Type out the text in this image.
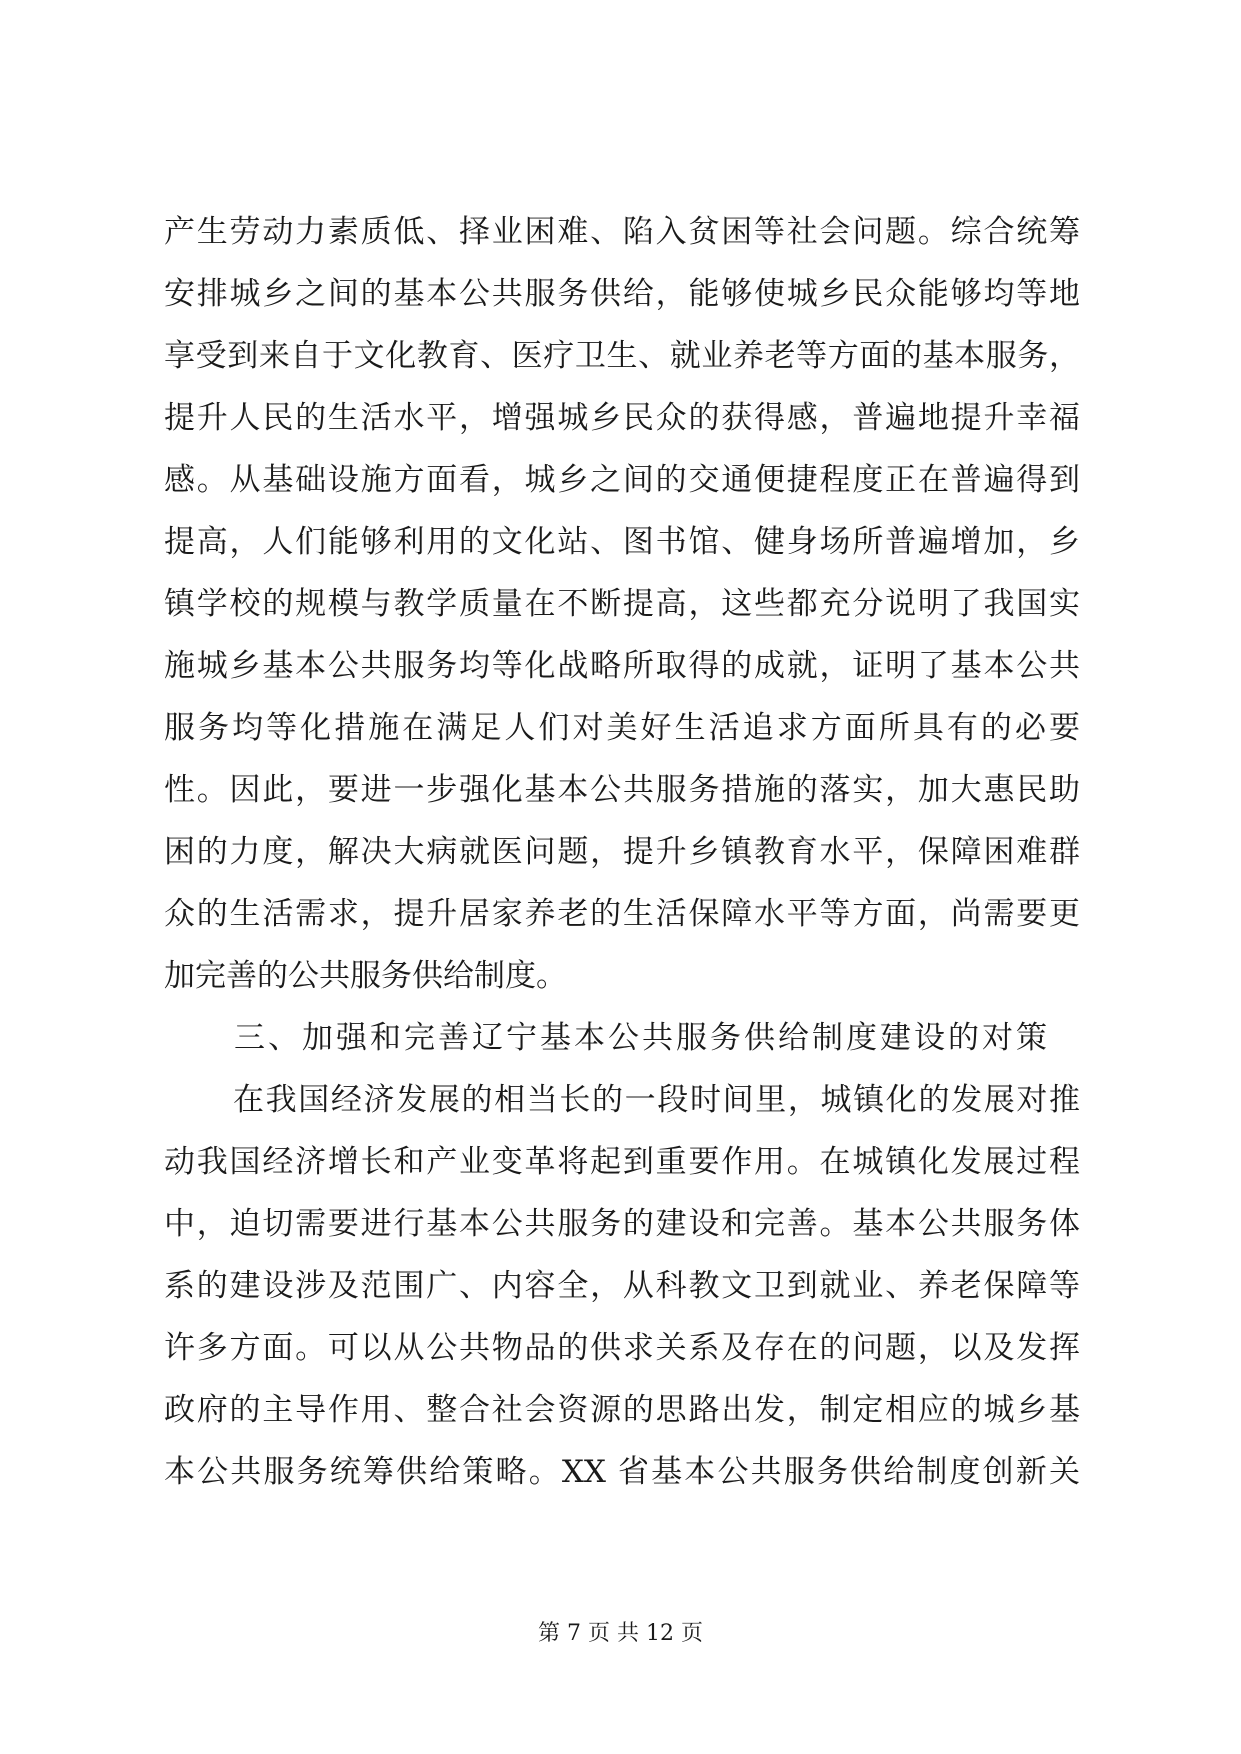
产生劳动力素质低、择业困难、陷入贫困等社会问题。综合统筹
安排城乡之间的基本公共服务供给，能够使城乡民众能够均等地
享受到来自于文化教育、医疗卫生、就业养老等方面的基本服务，
提升人民的生活水平，增强城乡民众的获得感，普遍地提升幸福
感。从基础设施方面看，城乡之间的交通便捷程度正在普遍得到
提高，人们能够利用的文化站、图书馆、健身场所普遍增加，乡
镇学校的规模与教学质量在不断提高，这些都充分说明了我国实
施城乡基本公共服务均等化战略所取得的成就，证明了基本公共
服务均等化措施在满足人们对美好生活追求方面所具有的必要
性。因此，要进一步强化基本公共服务措施的落实，加大惠民助
困的力度，解决大病就医问题，提升乡镇教育水平，保障困难群
众的生活需求，提升居家养老的生活保障水平等方面，尚需要更
加完善的公共服务供给制度。
三、加强和完善辽宁基本公共服务供给制度建设的对策
在我国经济发展的相当长的一段时间里，城镇化的发展对推
动我国经济增长和产业变革将起到重要作用。在城镇化发展过程
中，迫切需要进行基本公共服务的建设和完善。基本公共服务体
系的建设涉及范围广、内容全，从科教文卫到就业、养老保障等
许多方面。可以从公共物品的供求关系及存在的问题，以及发挥
政府的主导作用、整合社会资源的思路出发，制定相应的城乡基
本公共服务统筹供给策略。XX 省基本公共服务供给制度创新关
第 7 页 共 12 页
